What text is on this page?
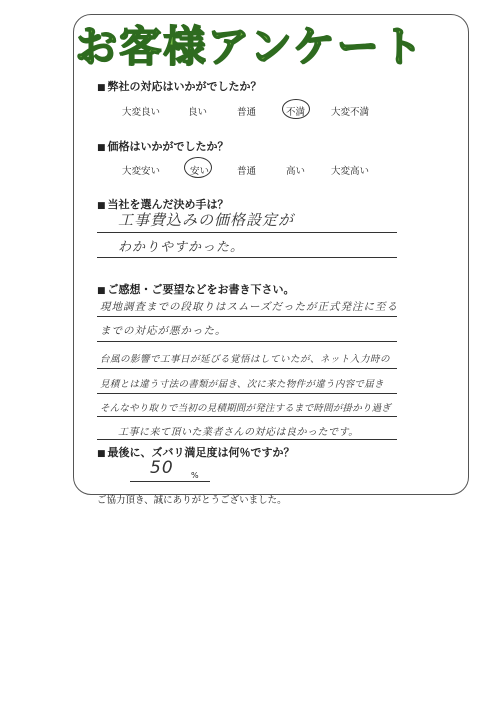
お客様アンケート
■ 弊社の対応はいかがでしたか？
大変良い	良い	普通	不満	大変不満
■ 価格はいかがでしたか？
大変安い	安い	普通	高い	大変高い
■ 当社を選んだ決め手は？
工事費込みの価格設定が
わかりやすかった。
■ ご感想・ご要望などをお書き下さい。
現地調査までの段取りはスムーズだったが正式発注に至る
までの対応が悪かった。
台風の影響で工事日が延びる覚悟はしていたが、ネット入力時の
見積とは違う寸法の書類が届き、次に来た物件が違う内容で届き
そんなやり取りで当初の見積期間が発注するまで時間が掛かり過ぎ
工事に来て頂いた業者さんの対応は良かったです。
■ 最後に、ズバリ満足度は何％ですか？
50 %
ご協力頂き、誠にありがとうございました。
